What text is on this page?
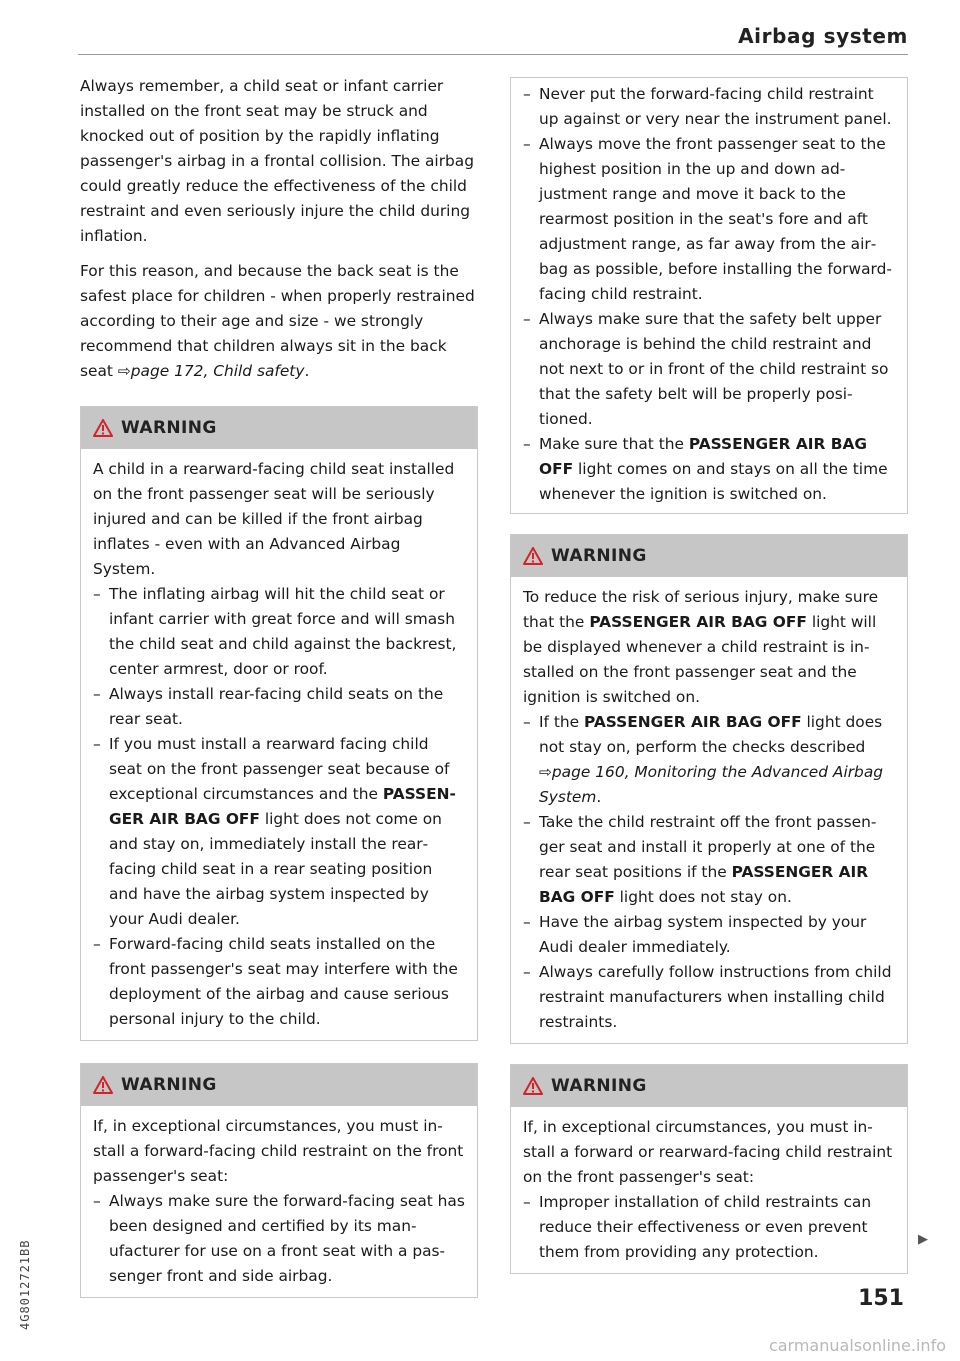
Airbag system

Always remember, a child seat or infant carrier installed on the front seat may be struck and knocked out of position by the rapidly inflating passenger's airbag in a frontal collision. The airbag could greatly reduce the effectiveness of the child restraint and even seriously injure the child during inflation.

For this reason, and because the back seat is the safest place for children - when properly restrained according to their age and size - we strongly recommend that children always sit in the back seat ⇨page 172, Child safety.

WARNING

A child in a rearward-facing child seat installed on the front passenger seat will be seriously injured and can be killed if the front airbag inflates - even with an Advanced Airbag System.

– The inflating airbag will hit the child seat or infant carrier with great force and will smash the child seat and child against the backrest, center armrest, door or roof.
– Always install rear-facing child seats on the rear seat.
– If you must install a rearward facing child seat on the front passenger seat because of exceptional circumstances and the PASSENGER AIR BAG OFF light does not come on and stay on, immediately install the rearfacing child seat in a rear seating position and have the airbag system inspected by your Audi dealer.
– Forward-facing child seats installed on the front passenger's seat may interfere with the deployment of the airbag and cause serious personal injury to the child.
WARNING

If, in exceptional circumstances, you must install a forward-facing child restraint on the front passenger's seat:

– Always make sure the forward-facing seat has been designed and certified by its manufacturer for use on a front seat with a passenger front and side airbag.
– Never put the forward-facing child restraint up against or very near the instrument panel.
– Always move the front passenger seat to the highest position in the up and down adjustment range and move it back to the rearmost position in the seat's fore and aft adjustment range, as far away from the airbag as possible, before installing the forward-facing child restraint.
– Always make sure that the safety belt upper anchorage is behind the child restraint and not next to or in front of the child restraint so that the safety belt will be properly positioned.
– Make sure that the PASSENGER AIR BAG OFF light comes on and stays on all the time whenever the ignition is switched on.
WARNING

To reduce the risk of serious injury, make sure that the PASSENGER AIR BAG OFF light will be displayed whenever a child restraint is installed on the front passenger seat and the ignition is switched on.

– If the PASSENGER AIR BAG OFF light does not stay on, perform the checks described ⇨page 160, Monitoring the Advanced Airbag System.
– Take the child restraint off the front passenger seat and install it properly at one of the rear seat positions if the PASSENGER AIR BAG OFF light does not stay on.
– Have the airbag system inspected by your Audi dealer immediately.
– Always carefully follow instructions from child restraint manufacturers when installing child restraints.
WARNING

If, in exceptional circumstances, you must install a forward or rearward-facing child restraint on the front passenger's seat:

– Improper installation of child restraints can reduce their effectiveness or even prevent them from providing any protection.
▶
151
4G8012721BB
carmanualsonline.info
